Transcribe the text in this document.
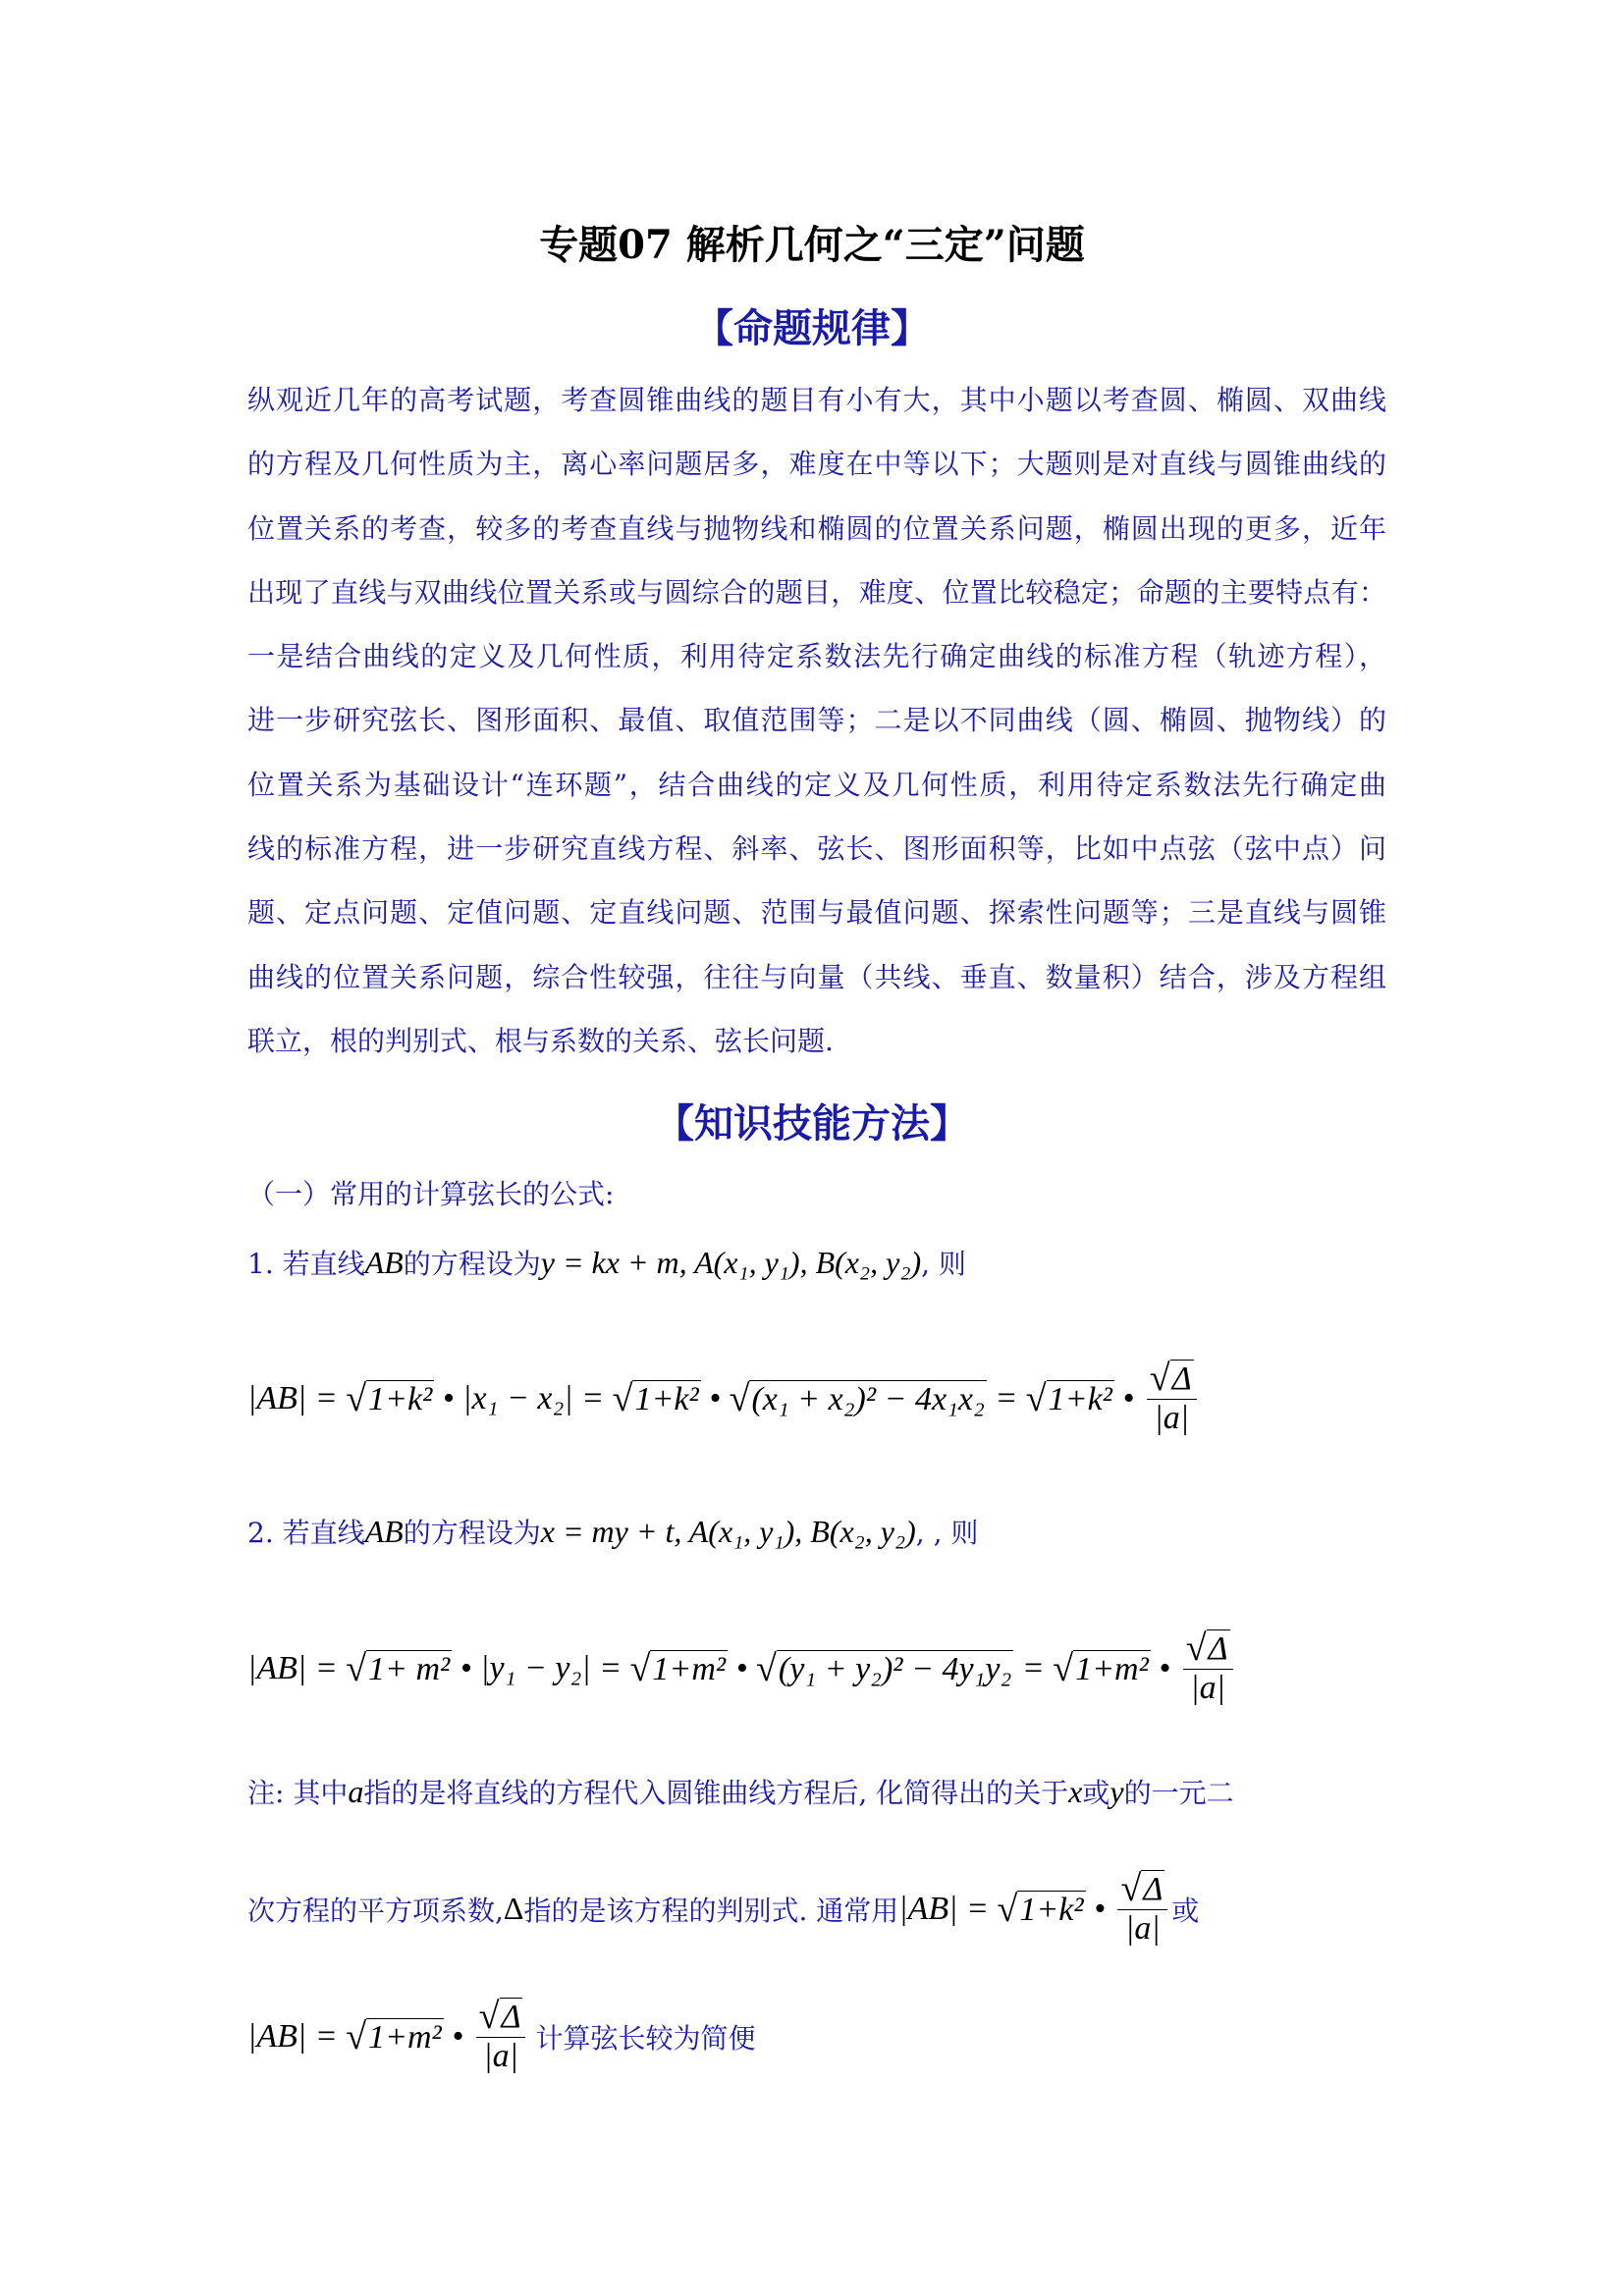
专题07 解析几何之“三定”问题
【命题规律】
纵观近几年的高考试题，考查圆锥曲线的题目有小有大，其中小题以考查圆、椭圆、双曲线
的方程及几何性质为主，离心率问题居多，难度在中等以下；大题则是对直线与圆锥曲线的
位置关系的考查，较多的考查直线与抛物线和椭圆的位置关系问题，椭圆出现的更多，近年
出现了直线与双曲线位置关系或与圆综合的题目，难度、位置比较稳定；命题的主要特点有：
一是结合曲线的定义及几何性质，利用待定系数法先行确定曲线的标准方程（轨迹方程），
进一步研究弦长、图形面积、最值、取值范围等；二是以不同曲线（圆、椭圆、抛物线）的
位置关系为基础设计“连环题”，结合曲线的定义及几何性质，利用待定系数法先行确定曲
线的标准方程，进一步研究直线方程、斜率、弦长、图形面积等，比如中点弦（弦中点）问
题、定点问题、定值问题、定直线问题、范围与最值问题、探索性问题等；三是直线与圆锥
曲线的位置关系问题，综合性较强，往往与向量（共线、垂直、数量积）结合，涉及方程组
联立，根的判别式、根与系数的关系、弦长问题.
【知识技能方法】
（一）常用的计算弦长的公式:
1. 若直线 AB 的方程设为 y = kx + m, A(x₁, y₁), B(x₂, y₂) , 则
|AB| = √ 1+k² • |x₁ − x₂| = √ 1+k² • √ (x₁ + x₂)² − 4x₁x₂ = √ 1+k² • $\frac{√ \Delta}{|a|}$
2. 若直线 AB 的方程设为 x = my + t, A(x₁, y₁), B(x₂, y₂) , , 则
|AB| = √ 1+ m² • |y₁ − y₂| = √ 1+m² • √ (y₁ + y₂)² − 4y₁y₂ = √ 1+m² • $\frac{√ \Delta}{|a|}$
注: 其中 a 指的是将直线的方程代入圆锥曲线方程后, 化简得出的关于 x 或 y 的一元二
次方程的平方项系数, Δ 指的是该方程的判别式. 通常用 |AB| = √ 1+k² • $\frac{√ \Delta}{|a|}$ 或
|AB| = √ 1+m² • $\frac{√ \Delta}{|a|}$ 计算弦长较为简便
